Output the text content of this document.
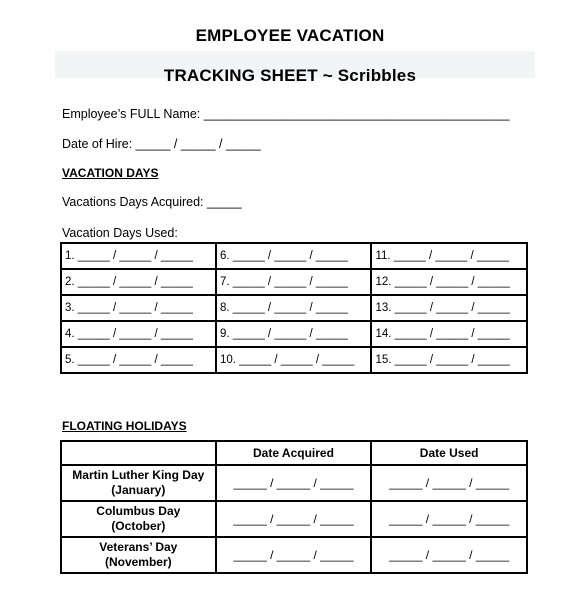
EMPLOYEE VACATION
TRACKING SHEET ~ Scribbles
Employee’s FULL Name: ____________________________________________
Date of Hire: _____ / _____ / _____
VACATION DAYS
Vacations Days Acquired: _____
Vacation Days Used:
1. _____ / _____ / _____	6. _____ / _____ / _____	11. _____ / _____ / _____
2. _____ / _____ / _____	7. _____ / _____ / _____	12. _____ / _____ / _____
3. _____ / _____ / _____	8. _____ / _____ / _____	13. _____ / _____ / _____
4. _____ / _____ / _____	9. _____ / _____ / _____	14. _____ / _____ / _____
5. _____ / _____ / _____	10. _____ / _____ / _____	15. _____ / _____ / _____
FLOATING HOLIDAYS
	Date Acquired	Date Used
Martin Luther King Day
(January)	_____ / _____ / _____	_____ / _____ / _____
Columbus Day
(October)	_____ / _____ / _____	_____ / _____ / _____
Veterans’ Day
(November)	_____ / _____ / _____	_____ / _____ / _____
